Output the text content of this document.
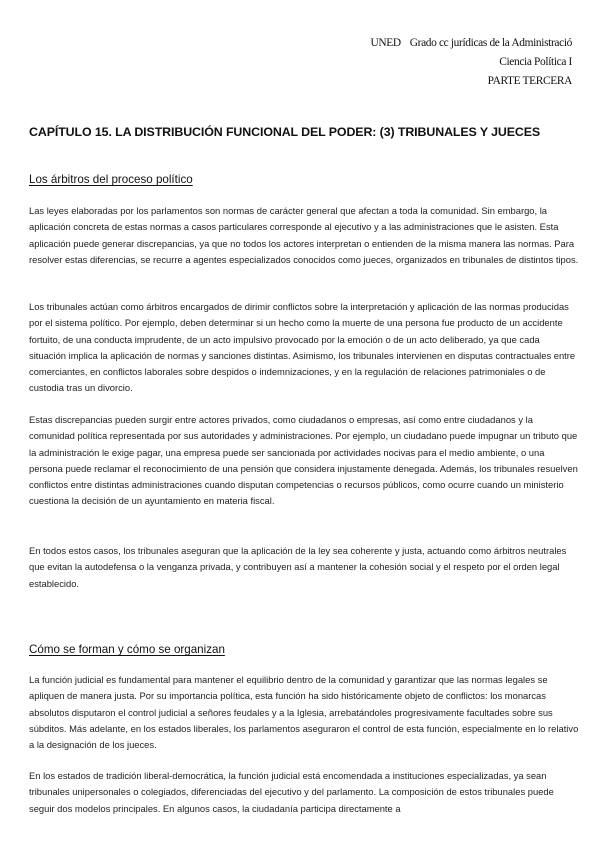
UNED Grado cc jurídicas de la Administració
Ciencia Política I
PARTE TERCERA
CAPÍTULO 15. LA DISTRIBUCIÓN FUNCIONAL DEL PODER: (3) TRIBUNALES Y JUECES
Los árbitros del proceso político

Las leyes elaboradas por los parlamentos son normas de carácter general que afectan a toda la comunidad. Sin embargo, la aplicación concreta de estas normas a casos particulares corresponde al ejecutivo y a las administraciones que le asisten. Esta aplicación puede generar discrepancias, ya que no todos los actores interpretan o entienden de la misma manera las normas. Para resolver estas diferencias, se recurre a agentes especializados conocidos como jueces, organizados en tribunales de distintos tipos.

Los tribunales actúan como árbitros encargados de dirimir conflictos sobre la interpretación y aplicación de las normas producidas por el sistema político. Por ejemplo, deben determinar si un hecho como la muerte de una persona fue producto de un accidente fortuito, de una conducta imprudente, de un acto impulsivo provocado por la emoción o de un acto deliberado, ya que cada situación implica la aplicación de normas y sanciones distintas. Asimismo, los tribunales intervienen en disputas contractuales entre comerciantes, en conflictos laborales sobre despidos o indemnizaciones, y en la regulación de relaciones patrimoniales o de custodia tras un divorcio.

Estas discrepancias pueden surgir entre actores privados, como ciudadanos o empresas, así como entre ciudadanos y la comunidad política representada por sus autoridades y administraciones. Por ejemplo, un ciudadano puede impugnar un tributo que la administración le exige pagar, una empresa puede ser sancionada por actividades nocivas para el medio ambiente, o una persona puede reclamar el reconocimiento de una pensión que considera injustamente denegada. Además, los tribunales resuelven conflictos entre distintas administraciones cuando disputan competencias o recursos públicos, como ocurre cuando un ministerio cuestiona la decisión de un ayuntamiento en materia fiscal.

En todos estos casos, los tribunales aseguran que la aplicación de la ley sea coherente y justa, actuando como árbitros neutrales que evitan la autodefensa o la venganza privada, y contribuyen así a mantener la cohesión social y el respeto por el orden legal establecido.

Cómo se forman y cómo se organizan

La función judicial es fundamental para mantener el equilibrio dentro de la comunidad y garantizar que las normas legales se apliquen de manera justa. Por su importancia política, esta función ha sido históricamente objeto de conflictos: los monarcas absolutos disputaron el control judicial a señores feudales y a la Iglesia, arrebatándoles progresivamente facultades sobre sus súbditos. Más adelante, en los estados liberales, los parlamentos aseguraron el control de esta función, especialmente en lo relativo a la designación de los jueces.

En los estados de tradición liberal-democrática, la función judicial está encomendada a instituciones especializadas, ya sean tribunales unipersonales o colegiados, diferenciadas del ejecutivo y del parlamento. La composición de estos tribunales puede seguir dos modelos principales. En algunos casos, la ciudadanía participa directamente a
